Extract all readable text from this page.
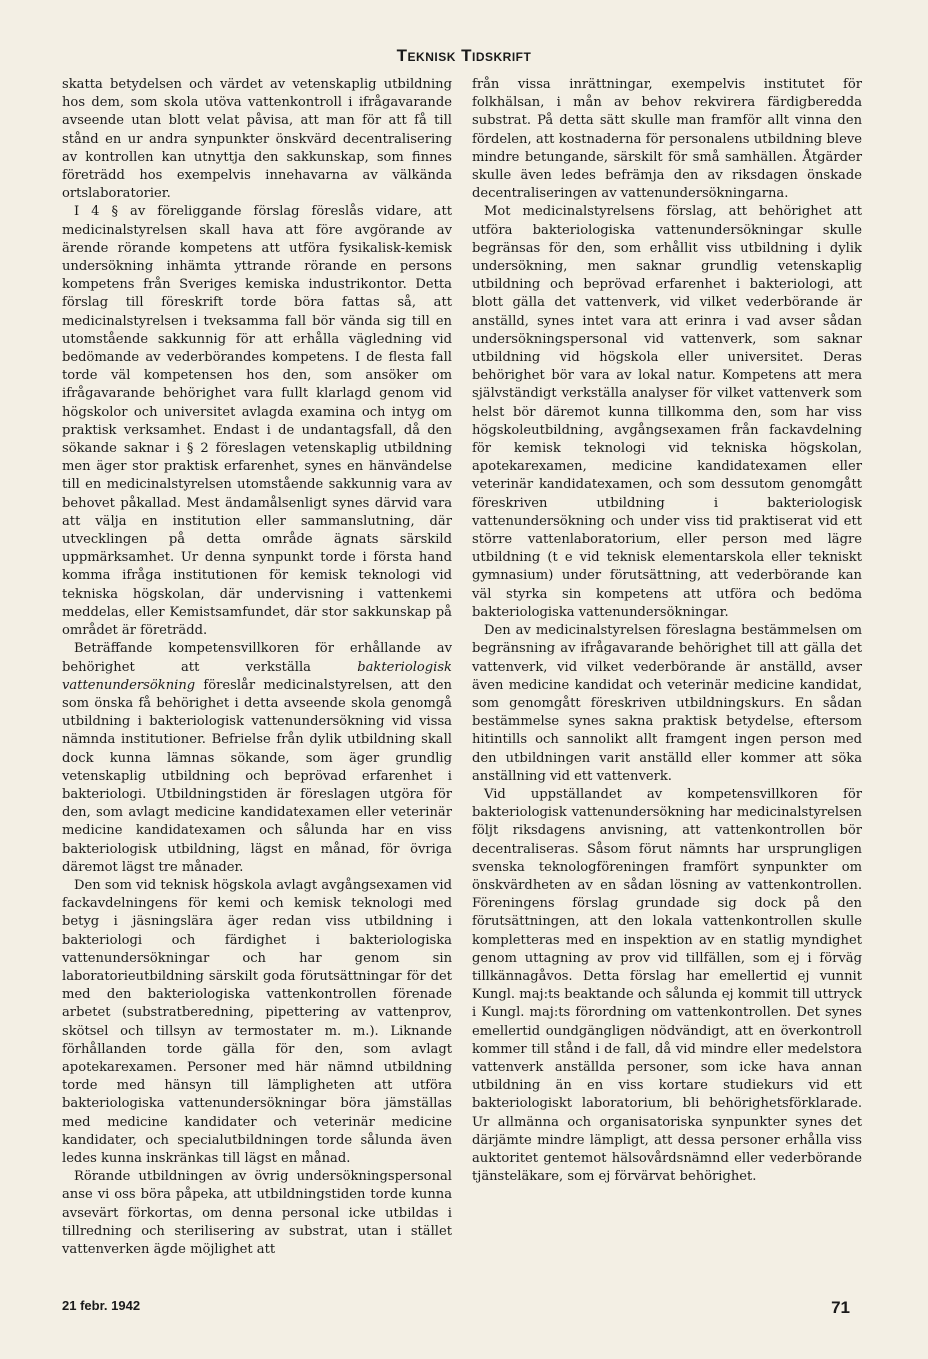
Teknisk Tidskrift

skatta betydelsen och värdet av vetenskaplig utbildning hos dem, som skola utöva vattenkontroll i ifrågavarande avseende utan blott velat påvisa, att man för att få till stånd en ur andra synpunkter önskvärd decentralisering av kontrollen kan utnyttja den sakkunskap, som finnes företrädd hos exempelvis innehavarna av välkända ortslaboratorier.

I 4 § av föreliggande förslag föreslås vidare, att medicinalstyrelsen skall hava att före avgörande av ärende rörande kompetens att utföra fysikalisk-kemisk undersökning inhämta yttrande rörande en persons kompetens från Sveriges kemiska industrikontor. Detta förslag till föreskrift torde böra fattas så, att medicinalstyrelsen i tveksamma fall bör vända sig till en utomstående sakkunnig för att erhålla vägledning vid bedömande av vederbörandes kompetens. I de flesta fall torde väl kompetensen hos den, som ansöker om ifrågavarande behörighet vara fullt klarlagd genom vid högskolor och universitet avlagda examina och intyg om praktisk verksamhet. Endast i de undantagsfall, då den sökande saknar i § 2 föreslagen vetenskaplig utbildning men äger stor praktisk erfarenhet, synes en hänvändelse till en medicinalstyrelsen utomstående sakkunnig vara av behovet påkallad. Mest ändamålsenligt synes därvid vara att välja en institution eller sammanslutning, där utvecklingen på detta område ägnats särskild uppmärksamhet. Ur denna synpunkt torde i första hand komma ifråga institutionen för kemisk teknologi vid tekniska högskolan, där undervisning i vattenkemi meddelas, eller Kemistsamfundet, där stor sakkunskap på området är företrädd.

Beträffande kompetensvillkoren för erhållande av behörighet att verkställa bakteriologisk vattenundersökning föreslår medicinalstyrelsen, att den som önska få behörighet i detta avseende skola genomgå utbildning i bakteriologisk vattenundersökning vid vissa nämnda institutioner. Befrielse från dylik utbildning skall dock kunna lämnas sökande, som äger grundlig vetenskaplig utbildning och beprövad erfarenhet i bakteriologi. Utbildningstiden är föreslagen utgöra för den, som avlagt medicine kandidatexamen eller veterinär medicine kandidatexamen och sålunda har en viss bakteriologisk utbildning, lägst en månad, för övriga däremot lägst tre månader.

Den som vid teknisk högskola avlagt avgångsexamen vid fackavdelningens för kemi och kemisk teknologi med betyg i jäsningslära äger redan viss utbildning i bakteriologi och färdighet i bakteriologiska vattenundersökningar och har genom sin laboratorieutbildning särskilt goda förutsättningar för det med den bakteriologiska vattenkontrollen förenade arbetet (substratberedning, pipettering av vattenprov, skötsel och tillsyn av termostater m. m.). Liknande förhållanden torde gälla för den, som avlagt apotekarexamen. Personer med här nämnd utbildning torde med hänsyn till lämpligheten att utföra bakteriologiska vattenundersökningar böra jämställas med medicine kandidater och veterinär medicine kandidater, och specialutbildningen torde sålunda även ledes kunna inskränkas till lägst en månad.

Rörande utbildningen av övrig undersökningspersonal anse vi oss böra påpeka, att utbildningstiden torde kunna avsevärt förkortas, om denna personal icke utbildas i tillredning och sterilisering av substrat, utan i stället vattenverken ägde möjlighet att

från vissa inrättningar, exempelvis institutet för folkhälsan, i mån av behov rekvirera färdigberedda substrat. På detta sätt skulle man framför allt vinna den fördelen, att kostnaderna för personalens utbildning bleve mindre betungande, särskilt för små samhällen. Åtgärder skulle även ledes befrämja den av riksdagen önskade decentraliseringen av vattenundersökningarna.

Mot medicinalstyrelsens förslag, att behörighet att utföra bakteriologiska vattenundersökningar skulle begränsas för den, som erhållit viss utbildning i dylik undersökning, men saknar grundlig vetenskaplig utbildning och beprövad erfarenhet i bakteriologi, att blott gälla det vattenverk, vid vilket vederbörande är anställd, synes intet vara att erinra i vad avser sådan undersökningspersonal vid vattenverk, som saknar utbildning vid högskola eller universitet. Deras behörighet bör vara av lokal natur. Kompetens att mera självständigt verkställa analyser för vilket vattenverk som helst bör däremot kunna tillkomma den, som har viss högskoleutbildning, avgångsexamen från fackavdelning för kemisk teknologi vid tekniska högskolan, apotekarexamen, medicine kandidatexamen eller veterinär kandidatexamen, och som dessutom genomgått föreskriven utbildning i bakteriologisk vattenundersökning och under viss tid praktiserat vid ett större vattenlaboratorium, eller person med lägre utbildning (t e vid teknisk elementarskola eller tekniskt gymnasium) under förutsättning, att vederbörande kan väl styrka sin kompetens att utföra och bedöma bakteriologiska vattenundersökningar.

Den av medicinalstyrelsen föreslagna bestämmelsen om begränsning av ifrågavarande behörighet till att gälla det vattenverk, vid vilket vederbörande är anställd, avser även medicine kandidat och veterinär medicine kandidat, som genomgått föreskriven utbildningskurs. En sådan bestämmelse synes sakna praktisk betydelse, eftersom hitintills och sannolikt allt framgent ingen person med den utbildningen varit anställd eller kommer att söka anställning vid ett vattenverk.

Vid uppställandet av kompetensvillkoren för bakteriologisk vattenundersökning har medicinalstyrelsen följt riksdagens anvisning, att vattenkontrollen bör decentraliseras. Såsom förut nämnts har ursprungligen svenska teknologföreningen framfört synpunkter om önskvärdheten av en sådan lösning av vattenkontrollen. Föreningens förslag grundade sig dock på den förutsättningen, att den lokala vattenkontrollen skulle kompletteras med en inspektion av en statlig myndighet genom uttagning av prov vid tillfällen, som ej i förväg tillkännagåvos. Detta förslag har emellertid ej vunnit Kungl. maj:ts beaktande och sålunda ej kommit till uttryck i Kungl. maj:ts förordning om vattenkontrollen. Det synes emellertid oundgängligen nödvändigt, att en överkontroll kommer till stånd i de fall, då vid mindre eller medelstora vattenverk anställda personer, som icke hava annan utbildning än en viss kortare studiekurs vid ett bakteriologiskt laboratorium, bli behörighetsförklarade. Ur allmänna och organisatoriska synpunkter synes det därjämte mindre lämpligt, att dessa personer erhålla viss auktoritet gentemot hälsovårdsnämnd eller vederbörande tjänsteläkare, som ej förvärvat behörighet.

21 febr. 1942	71
